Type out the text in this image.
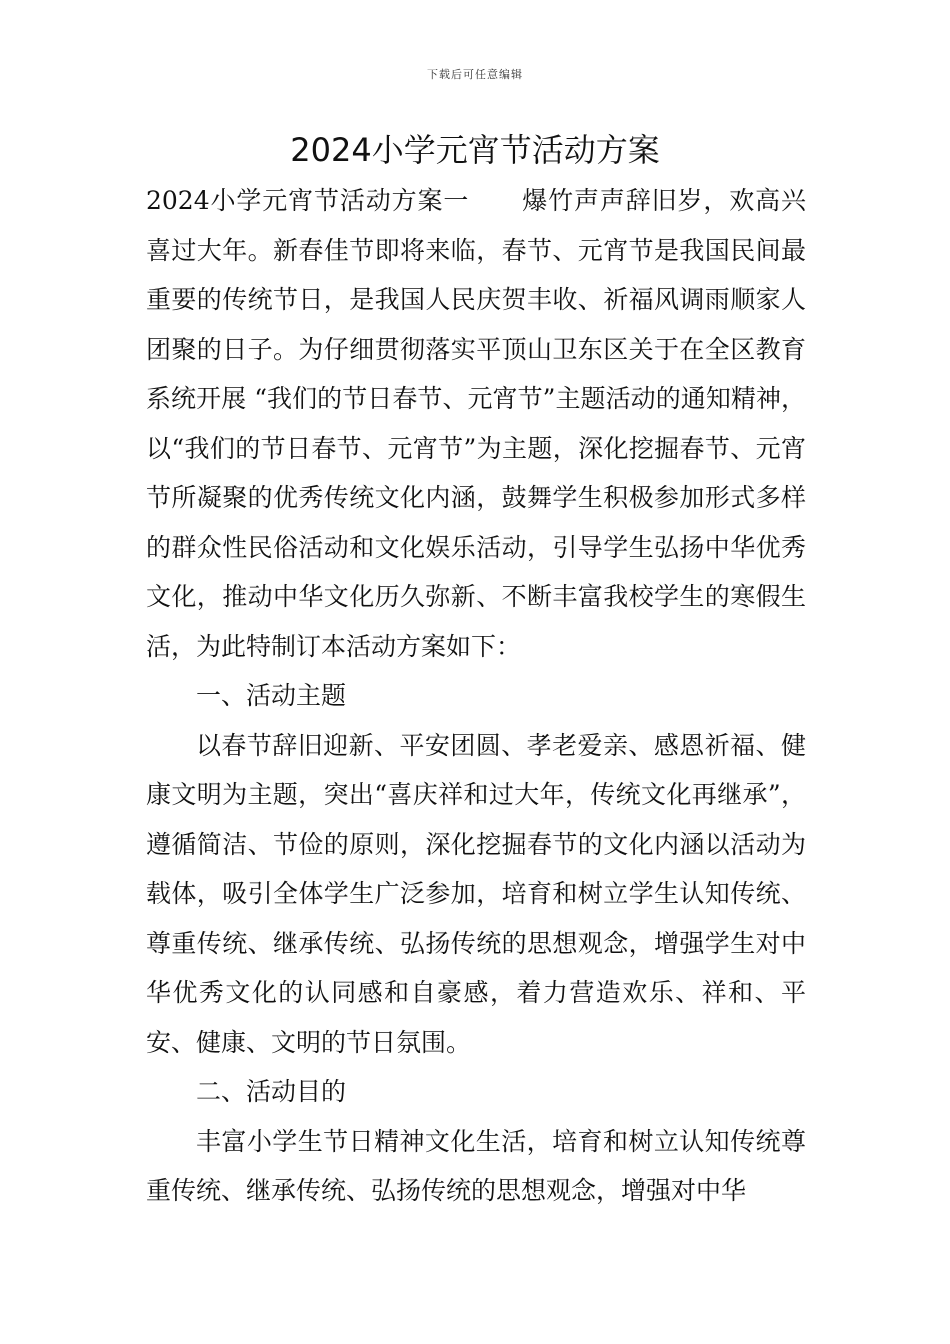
下载后可任意编辑
2024小学元宵节活动方案

2024小学元宵节活动方案一 爆竹声声辞旧岁，欢高兴喜过大年。新春佳节即将来临，春节、元宵节是我国民间最重要的传统节日，是我国人民庆贺丰收、祈福风调雨顺家人团聚的日子。为仔细贯彻落实平顶山卫东区关于在全区教育系统开展 “我们的节日春节、元宵节”主题活动的通知精神，以“我们的节日春节、元宵节”为主题，深化挖掘春节、元宵节所凝聚的优秀传统文化内涵，鼓舞学生积极参加形式多样的群众性民俗活动和文化娱乐活动，引导学生弘扬中华优秀文化，推动中华文化历久弥新、不断丰富我校学生的寒假生活，为此特制订本活动方案如下：

一、活动主题

以春节辞旧迎新、平安团圆、孝老爱亲、感恩祈福、健康文明为主题，突出“喜庆祥和过大年，传统文化再继承”，遵循简洁、节俭的原则，深化挖掘春节的文化内涵以活动为载体，吸引全体学生广泛参加，培育和树立学生认知传统、尊重传统、继承传统、弘扬传统的思想观念，增强学生对中华优秀文化的认同感和自豪感，着力营造欢乐、祥和、平安、健康、文明的节日氛围。

二、活动目的

丰富小学生节日精神文化生活，培育和树立认知传统尊重传统、继承传统、弘扬传统的思想观念，增强对中华
